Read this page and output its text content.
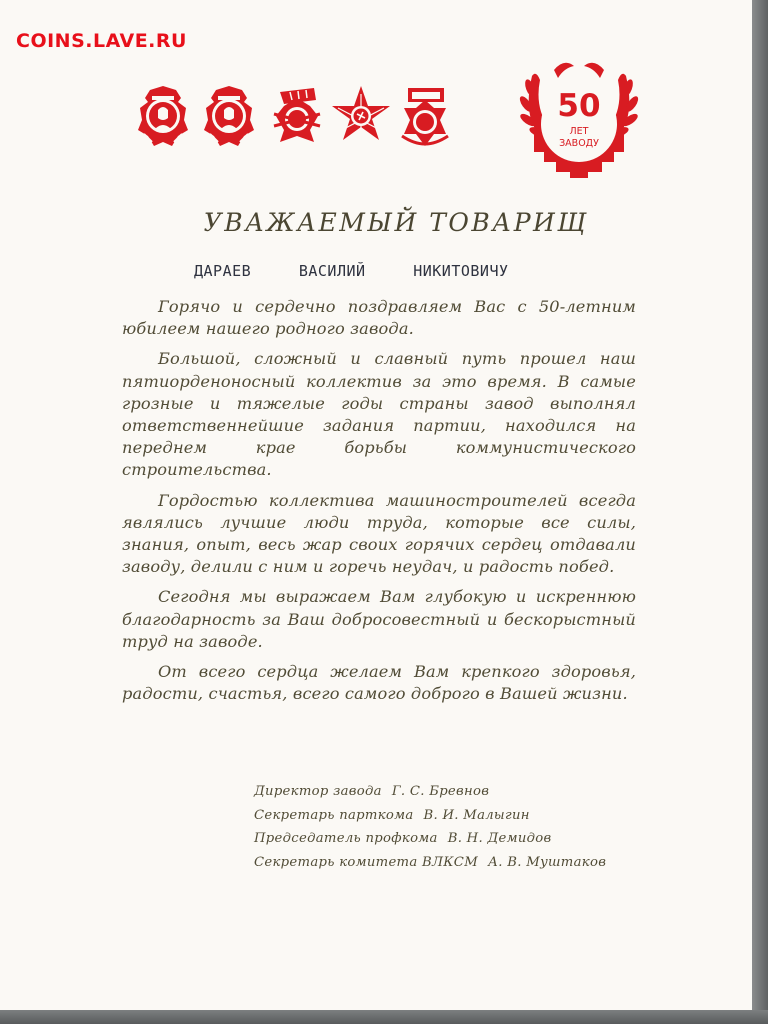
COINS.LAVE.RU
50
ЛЕТ
ЗАВОДУ
УВАЖАЕМЫЙ ТОВАРИЩ
ДАРАЕВ     ВАСИЛИЙ     НИКИТОВИЧУ

Горячо и сердечно поздравляем Вас с 50-летним юбилеем нашего родного завода.

Большой, сложный и славный путь прошел наш пятиорденоносный коллектив за это время. В самые грозные и тяжелые годы страны завод выполнял ответственнейшие задания партии, находился на переднем крае борьбы коммунистического строительства.

Гордостью коллектива машиностроителей всегда являлись лучшие люди труда, которые все силы, знания, опыт, весь жар своих горячих сердец отдавали заводу, делили с ним и горечь неудач, и радость побед.

Сегодня мы выражаем Вам глубокую и искреннюю благодарность за Ваш добросовестный и бескорыстный труд на заводе.

От всего сердца желаем Вам крепкого здоровья, радости, счастья, всего самого доброго в Вашей жизни.

Директор завода Г. С. Бревнов
Секретарь парткома В. И. Малыгин
Председатель профкома В. Н. Демидов
Секретарь комитета ВЛКСМ А. В. Муштаков
